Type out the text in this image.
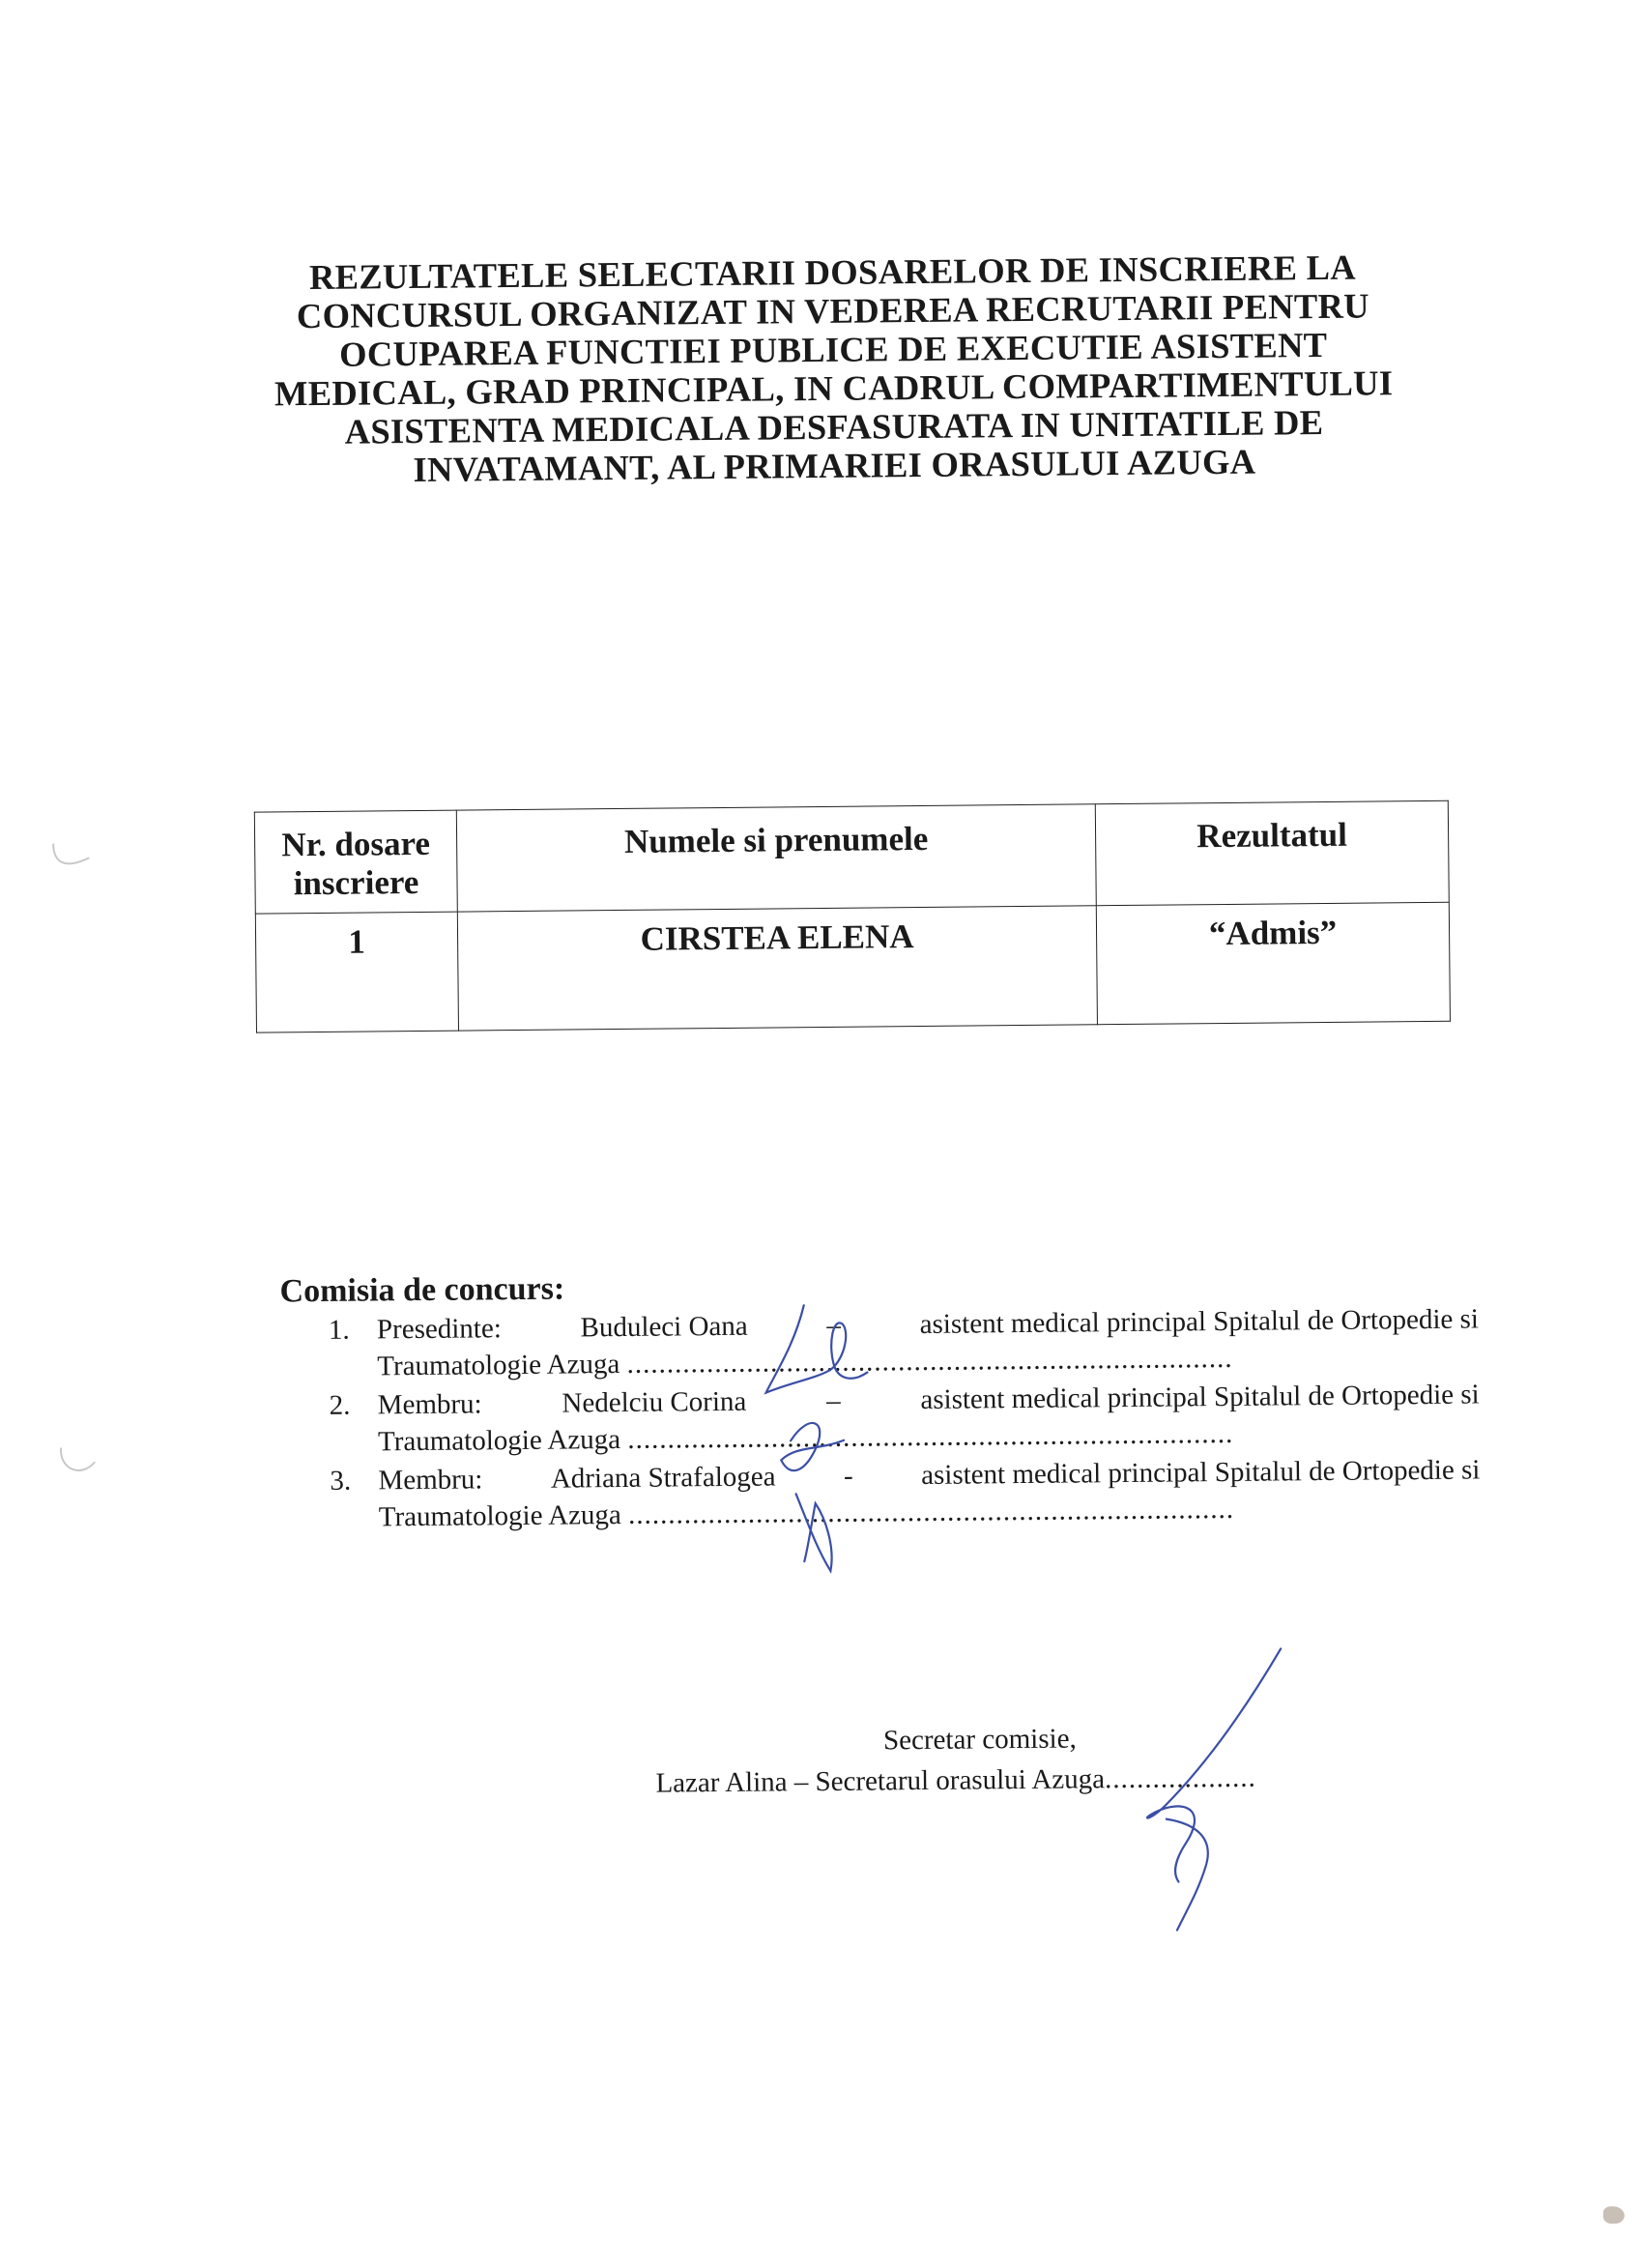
REZULTATELE SELECTARII DOSARELOR DE INSCRIERE LA
CONCURSUL ORGANIZAT IN VEDEREA RECRUTARII PENTRU
OCUPAREA FUNCTIEI PUBLICE DE EXECUTIE ASISTENT
MEDICAL, GRAD PRINCIPAL, IN CADRUL COMPARTIMENTULUI
ASISTENTA MEDICALA DESFASURATA IN UNITATILE DE
INVATAMANT, AL PRIMARIEI ORASULUI AZUGA
Nr. dosare inscriere	Numele si prenumele	Rezultatul
1	CIRSTEA ELENA	“Admis”
Comisia de concurs:
1. Presedinte:	Buduleci Oana	–	asistent medical principal Spitalul de Ortopedie si
Traumatologie Azuga ............................................................................
2. Membru:	Nedelciu Corina	–	asistent medical principal Spitalul de Ortopedie si
Traumatologie Azuga ............................................................................
3. Membru: Adriana Strafalogea - asistent medical principal Spitalul de Ortopedie si
Traumatologie Azuga ............................................................................
Secretar comisie,
Lazar Alina – Secretarul orasului Azuga...................
